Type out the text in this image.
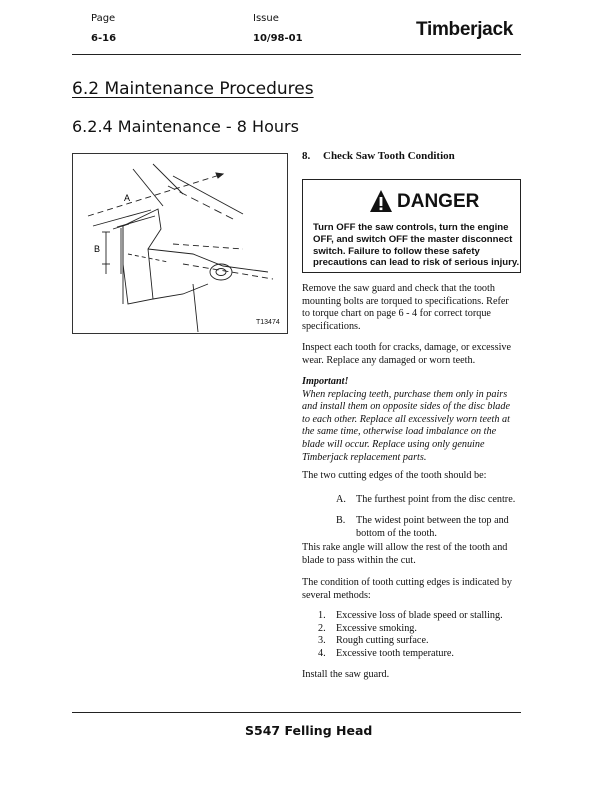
Page
6-16
Issue
10/98-01	Timberjack
6.2 Maintenance Procedures
6.2.4 Maintenance - 8 Hours
A
B
T13474
8. Check Saw Tooth Condition
DANGER
Turn OFF the saw controls, turn the engine
OFF, and switch OFF the master disconnect
switch. Failure to follow these safety
precautions can lead to risk of serious injury.
Remove the saw guard and check that the tooth
mounting bolts are torqued to specifications. Refer
to torque chart on page 6 - 4 for correct torque
specifications.
Inspect each tooth for cracks, damage, or excessive
wear. Replace any damaged or worn teeth.
Important!
When replacing teeth, purchase them only in pairs
and install them on opposite sides of the disc blade
to each other. Replace all excessively worn teeth at
the same time, otherwise load imbalance on the
blade will occur. Replace using only genuine
Timberjack replacement parts.
The two cutting edges of the tooth should be:
A. The furthest point from the disc centre.
B. The widest point between the top and
bottom of the tooth.
This rake angle will allow the rest of the tooth and
blade to pass within the cut.
The condition of tooth cutting edges is indicated by
several methods:
1. Excessive loss of blade speed or stalling.
2. Excessive smoking.
3. Rough cutting surface.
4. Excessive tooth temperature.
Install the saw guard.
S547 Felling Head
